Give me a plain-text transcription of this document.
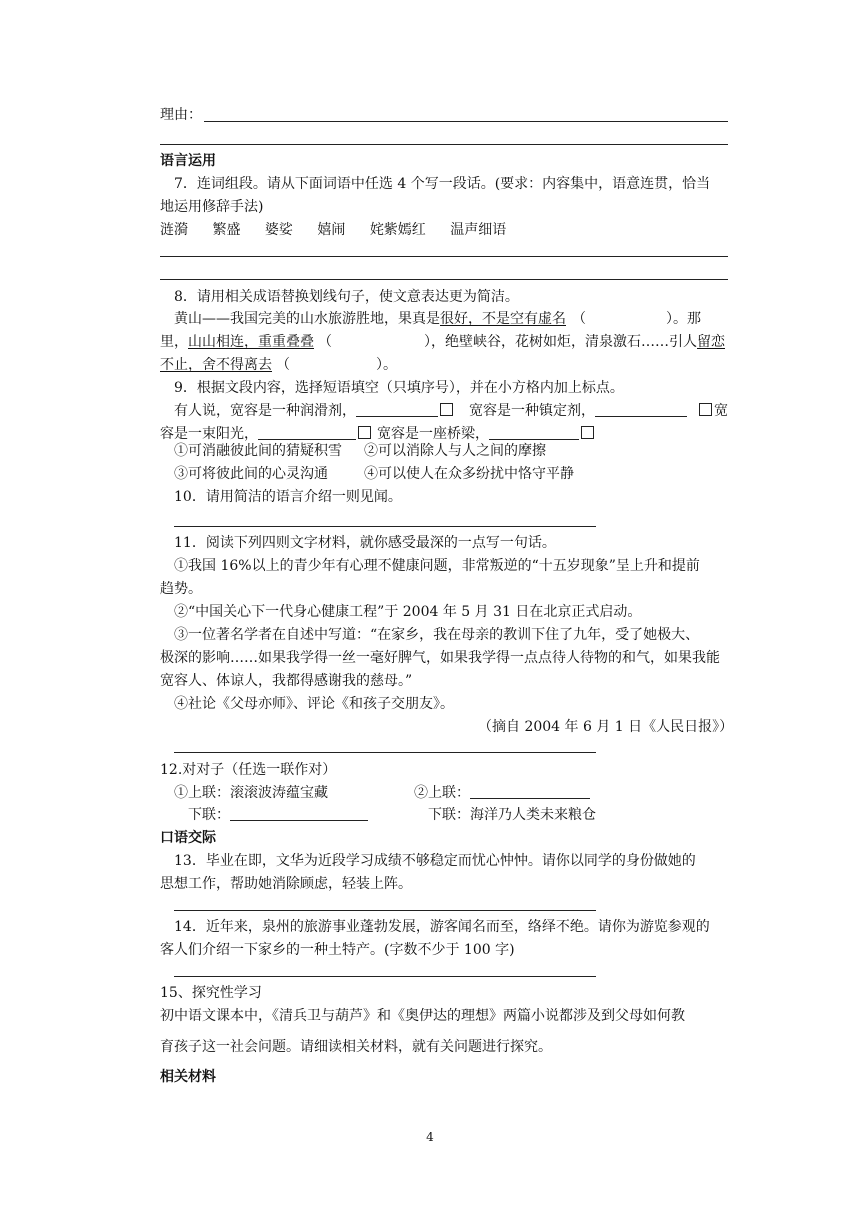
理由：
语言运用
7．连词组段。请从下面词语中任选 4 个写一段话。(要求：内容集中，语意连贯，恰当
地运用修辞手法)
涟漪 繁盛 婆娑 嬉闹 姹紫嫣红 温声细语
8．请用相关成语替换划线句子，使文意表达更为简洁。
黄山——我国完美的山水旅游胜地，果真是很好，不是空有虚名 （	）。那
里，山山相连，重重叠叠 （	），绝壁峡谷，花树如炬，清泉激石……引人留恋
不止，舍不得离去 （	）。
9．根据文段内容，选择短语填空（只填序号），并在小方格内加上标点。
有人说，宽容是一种润滑剂，	宽容是一种镇定剂，	宽
容是一束阳光，	宽容是一座桥梁，
①可消融彼此间的猜疑积雪 ②可以消除人与人之间的摩擦
③可将彼此间的心灵沟通	④可以使人在众多纷扰中恪守平静
10．请用简洁的语言介绍一则见闻。
11．阅读下列四则文字材料，就你感受最深的一点写一句话。
①我国 16%以上的青少年有心理不健康问题，非常叛逆的“十五岁现象”呈上升和提前
趋势。
②“中国关心下一代身心健康工程”于 2004 年 5 月 31 日在北京正式启动。
③一位著名学者在自述中写道：“在家乡，我在母亲的教训下住了九年，受了她极大、
极深的影响……如果我学得一丝一毫好脾气，如果我学得一点点待人待物的和气，如果我能
宽容人、体谅人，我都得感谢我的慈母。”
④社论《父母亦师》、评论《和孩子交朋友》。
（摘自 2004 年 6 月 1 日《人民日报》）
12.对对子（任选一联作对）
①上联：滚滚波涛蕴宝藏	②上联：
下联：	下联：海洋乃人类未来粮仓
口语交际
13．毕业在即，文华为近段学习成绩不够稳定而忧心忡忡。请你以同学的身份做她的
思想工作，帮助她消除顾虑，轻装上阵。
14．近年来，泉州的旅游事业蓬勃发展，游客闻名而至，络绎不绝。请你为游览参观的
客人们介绍一下家乡的一种土特产。(字数不少于 100 字)
15、探究性学习
初中语文课本中，《清兵卫与葫芦》和《奥伊达的理想》两篇小说都涉及到父母如何教
育孩子这一社会问题。请细读相关材料，就有关问题进行探究。
相关材料
4
